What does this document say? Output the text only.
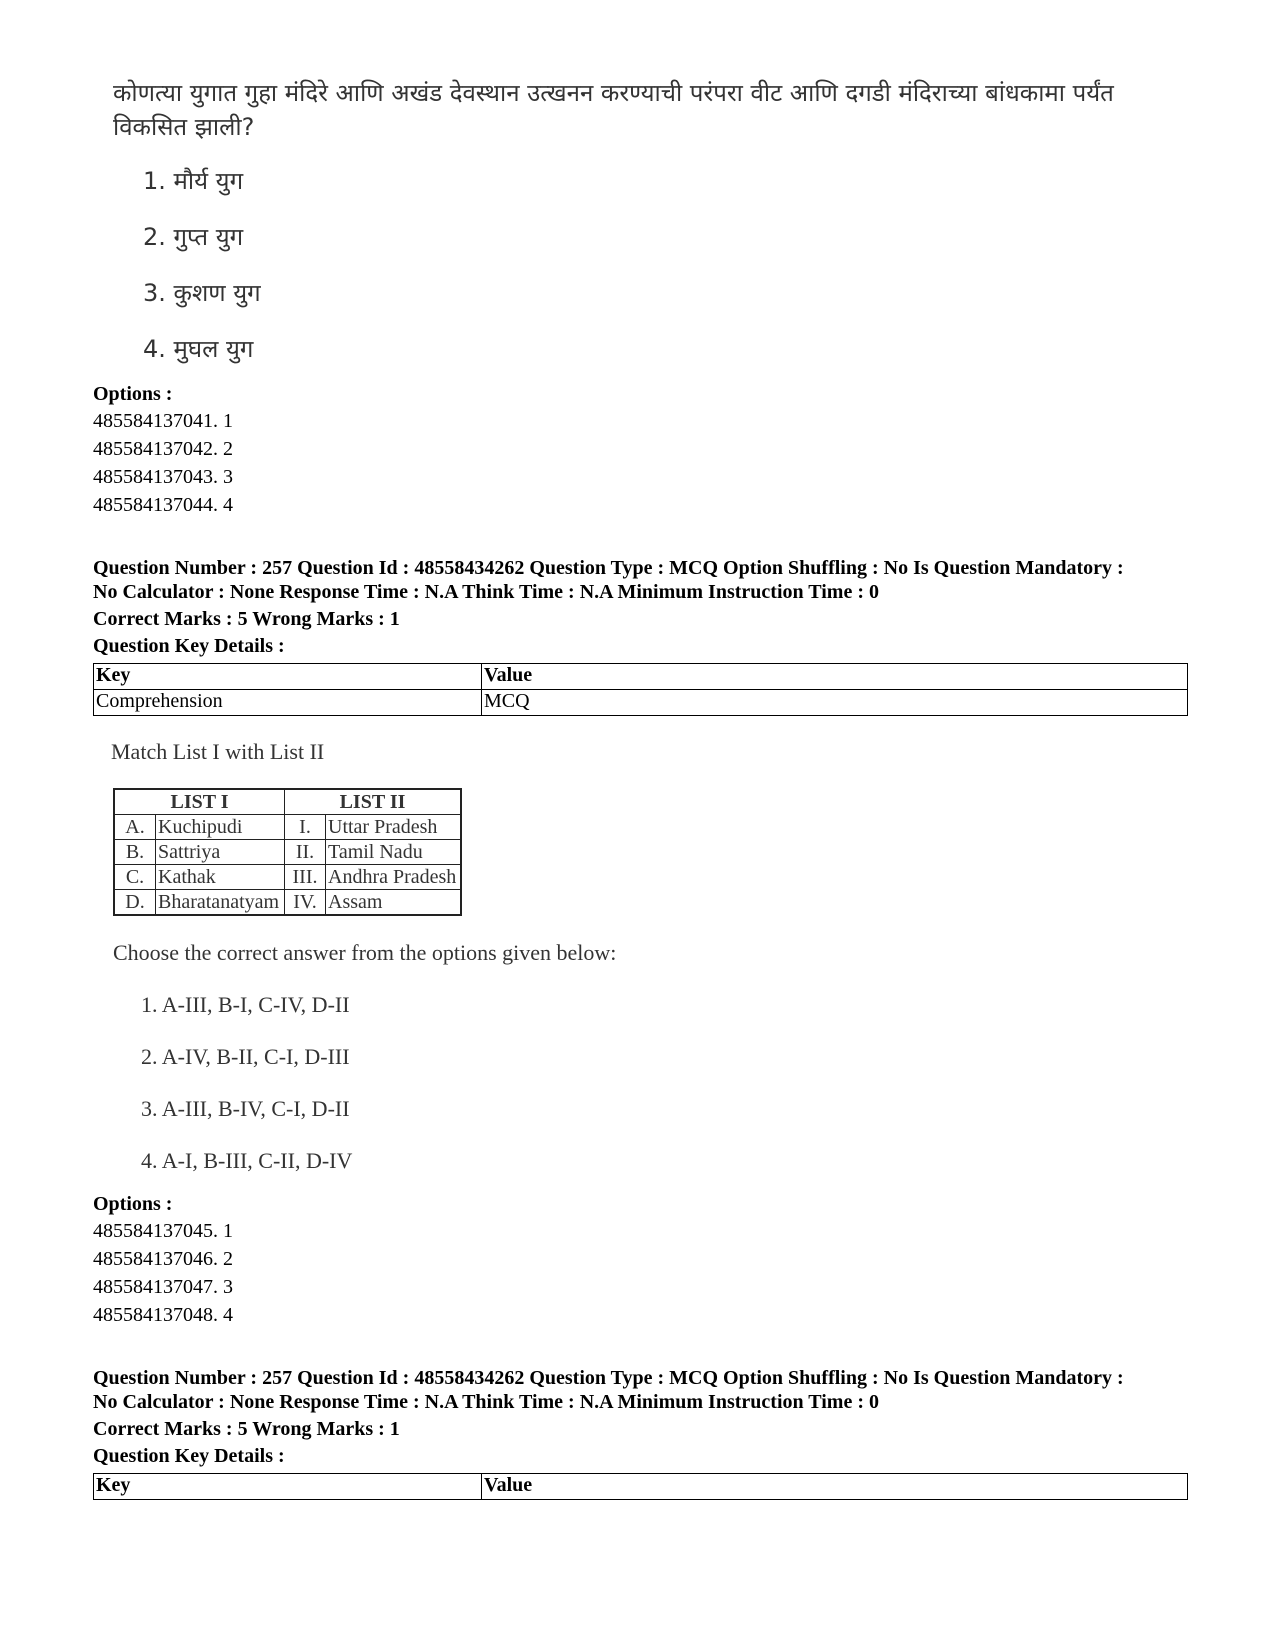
कोणत्या युगात गुहा मंदिरे आणि अखंड देवस्थान उत्खनन करण्याची परंपरा वीट आणि दगडी मंदिराच्या बांधकामा पर्यंत विकसित झाली?
1. मौर्य युग
2. गुप्त युग
3. कुशण युग
4. मुघल युग
Options :
485584137041. 1
485584137042. 2
485584137043. 3
485584137044. 4
Question Number : 257 Question Id : 48558434262 Question Type : MCQ Option Shuffling : No Is Question Mandatory :
No Calculator : None Response Time : N.A Think Time : N.A Minimum Instruction Time : 0
Correct Marks : 5 Wrong Marks : 1
Question Key Details :
Key	Value
Comprehension	MCQ
Match List I with List II
LIST I		LIST II	
A.	Kuchipudi	I.	Uttar Pradesh
B.	Sattriya	II.	Tamil Nadu
C.	Kathak	III.	Andhra Pradesh
D.	Bharatanatyam	IV.	Assam
Choose the correct answer from the options given below:
1. A-III, B-I, C-IV, D-II
2. A-IV, B-II, C-I, D-III
3. A-III, B-IV, C-I, D-II
4. A-I, B-III, C-II, D-IV
Options :
485584137045. 1
485584137046. 2
485584137047. 3
485584137048. 4
Question Number : 257 Question Id : 48558434262 Question Type : MCQ Option Shuffling : No Is Question Mandatory :
No Calculator : None Response Time : N.A Think Time : N.A Minimum Instruction Time : 0
Correct Marks : 5 Wrong Marks : 1
Question Key Details :
Key	Value
